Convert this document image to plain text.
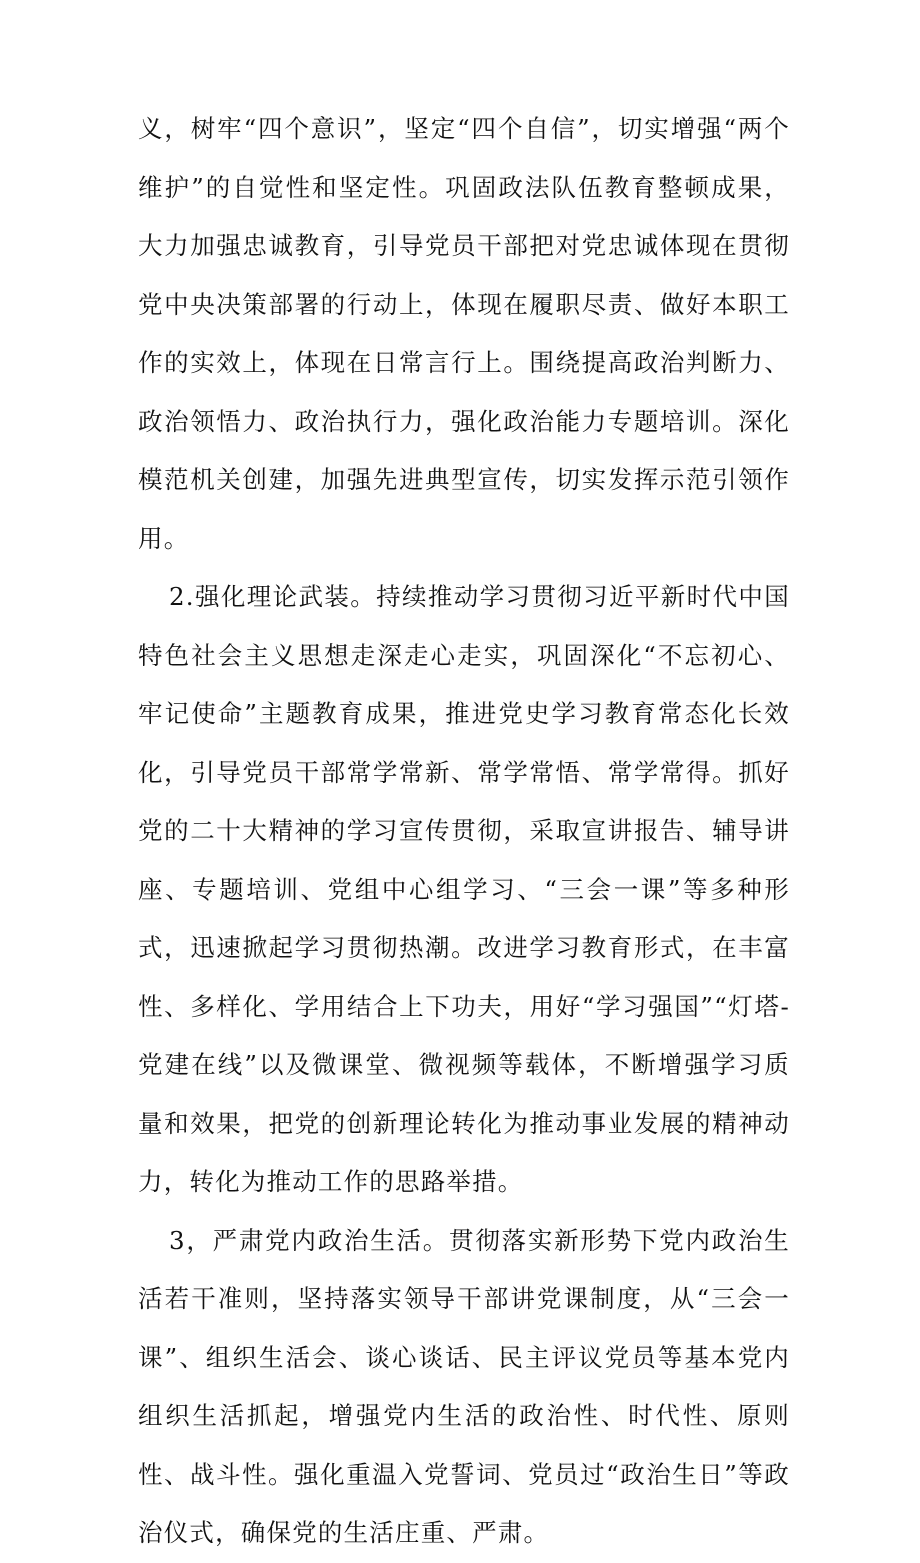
义，树牢“四个意识”，坚定“四个自信”，切实增强“两个维护”的自觉性和坚定性。巩固政法队伍教育整顿成果，大力加强忠诚教育，引导党员干部把对党忠诚体现在贯彻党中央决策部署的行动上，体现在履职尽责、做好本职工作的实效上，体现在日常言行上。围绕提高政治判断力、政治领悟力、政治执行力，强化政治能力专题培训。深化模范机关创建，加强先进典型宣传，切实发挥示范引领作用。

2.强化理论武装。持续推动学习贯彻习近平新时代中国特色社会主义思想走深走心走实，巩固深化“不忘初心、牢记使命”主题教育成果，推进党史学习教育常态化长效化，引导党员干部常学常新、常学常悟、常学常得。抓好党的二十大精神的学习宣传贯彻，采取宣讲报告、辅导讲座、专题培训、党组中心组学习、“三会一课”等多种形式，迅速掀起学习贯彻热潮。改进学习教育形式，在丰富性、多样化、学用结合上下功夫，用好“学习强国”“灯塔-党建在线”以及微课堂、微视频等载体，不断增强学习质量和效果，把党的创新理论转化为推动事业发展的精神动力，转化为推动工作的思路举措。

3，严肃党内政治生活。贯彻落实新形势下党内政治生活若干准则，坚持落实领导干部讲党课制度，从“三会一课”、组织生活会、谈心谈话、民主评议党员等基本党内组织生活抓起，增强党内生活的政治性、时代性、原则性、战斗性。强化重温入党誓词、党员过“政治生日”等政治仪式，确保党的生活庄重、严肃。
